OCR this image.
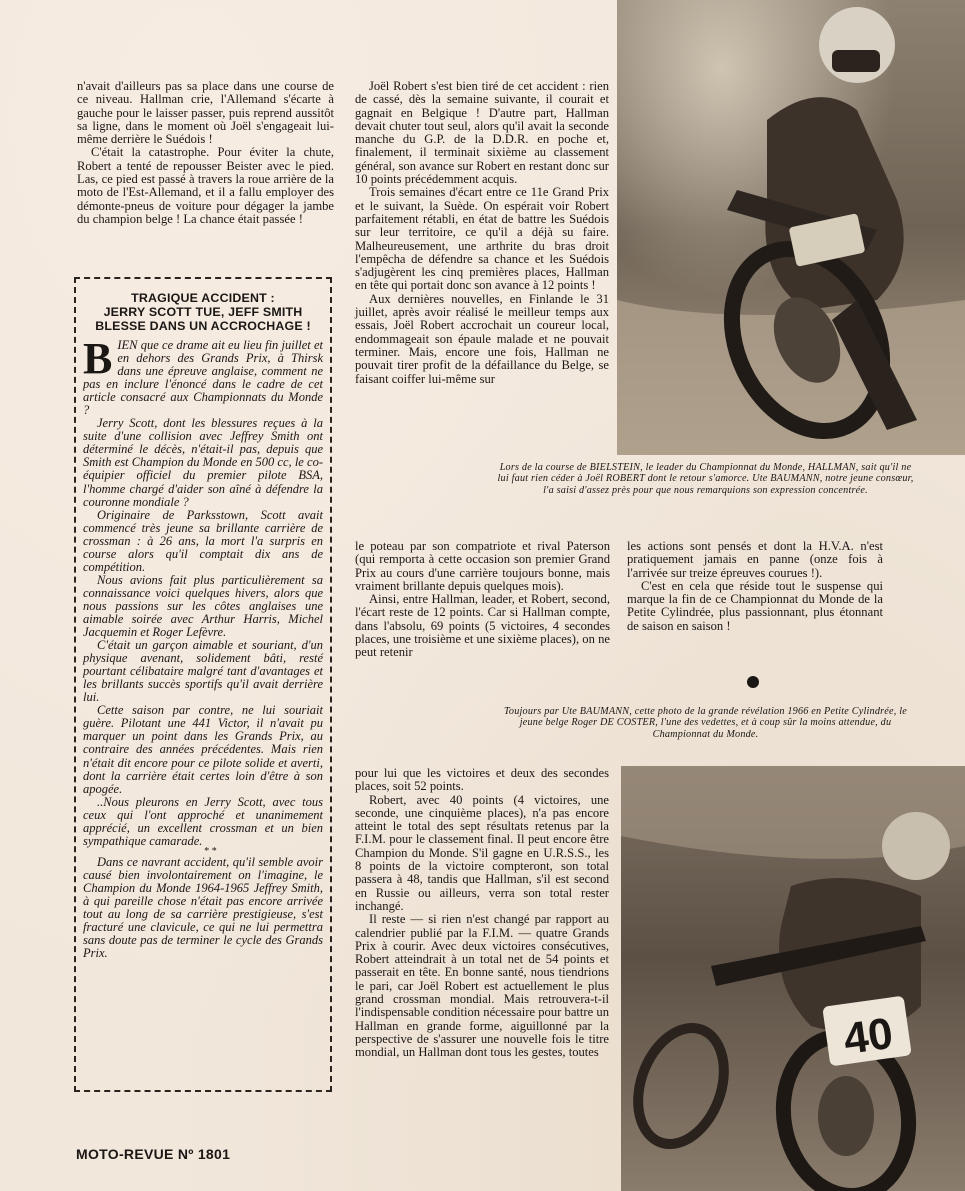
n'avait d'ailleurs pas sa place dans une course de ce niveau. Hallman crie, l'Allemand s'écarte à gauche pour le laisser passer, puis reprend aussitôt sa ligne, dans le moment où Joël s'engageait lui-même derrière le Suédois !

C'était la catastrophe. Pour éviter la chute, Robert a tenté de repousser Beister avec le pied. Las, ce pied est passé à travers la roue arrière de la moto de l'Est-Allemand, et il a fallu employer des démonte-pneus de voiture pour dégager la jambe du champion belge ! La chance était passée !

Joël Robert s'est bien tiré de cet accident : rien de cassé, dès la semaine suivante, il courait et gagnait en Belgique ! D'autre part, Hallman devait chuter tout seul, alors qu'il avait la seconde manche du G.P. de la D.D.R. en poche et, finalement, il terminait sixième au classement général, son avance sur Robert en restant donc sur 10 points précédemment acquis.

Trois semaines d'écart entre ce 11e Grand Prix et le suivant, la Suède. On espérait voir Robert parfaitement rétabli, en état de battre les Suédois sur leur territoire, ce qu'il a déjà su faire. Malheureusement, une arthrite du bras droit l'empêcha de défendre sa chance et les Suédois s'adjugèrent les cinq premières places, Hallman en tête qui portait donc son avance à 12 points !

Aux dernières nouvelles, en Finlande le 31 juillet, après avoir réalisé le meilleur temps aux essais, Joël Robert accrochait un coureur local, endommageait son épaule malade et ne pouvait terminer. Mais, encore une fois, Hallman ne pouvait tirer profit de la défaillance du Belge, se faisant coiffer lui-même sur

TRAGIQUE ACCIDENT :
JERRY SCOTT TUE, JEFF SMITH
BLESSE DANS UN ACCROCHAGE !

BIEN que ce drame ait eu lieu fin juillet et en dehors des Grands Prix, à Thirsk dans une épreuve anglaise, comment ne pas en inclure l'énoncé dans le cadre de cet article consacré aux Championnats du Monde ?

Jerry Scott, dont les blessures reçues à la suite d'une collision avec Jeffrey Smith ont déterminé le décès, n'était-il pas, depuis que Smith est Champion du Monde en 500 cc, le co-équipier officiel du premier pilote BSA, l'homme chargé d'aider son aîné à défendre la couronne mondiale ?

Originaire de Parksstown, Scott avait commencé très jeune sa brillante carrière de crossman : à 26 ans, la mort l'a surpris en course alors qu'il comptait dix ans de compétition.

Nous avions fait plus particulièrement sa connaissance voici quelques hivers, alors que nous passions sur les côtes anglaises une aimable soirée avec Arthur Harris, Michel Jacquemin et Roger Lefèvre.

C'était un garçon aimable et souriant, d'un physique avenant, solidement bâti, resté pourtant célibataire malgré tant d'avantages et les brillants succès sportifs qu'il avait derrière lui.

Cette saison par contre, ne lui souriait guère. Pilotant une 441 Victor, il n'avait pu marquer un point dans les Grands Prix, au contraire des années précédentes. Mais rien n'était dit encore pour ce pilote solide et averti, dont la carrière était certes loin d'être à son apogée.

..Nous pleurons en Jerry Scott, avec tous ceux qui l'ont approché et unanimement apprécié, un excellent crossman et un bien sympathique camarade.

* *

Dans ce navrant accident, qu'il semble avoir causé bien involontairement on l'imagine, le Champion du Monde 1964-1965 Jeffrey Smith, à qui pareille chose n'était pas encore arrivée tout au long de sa carrière prestigieuse, s'est fracturé une clavicule, ce qui ne lui permettra sans doute pas de terminer le cycle des Grands Prix.

Lors de la course de BIELSTEIN, le leader du Championnat du Monde, HALLMAN, sait qu'il ne lui faut rien céder à Joël ROBERT dont le retour s'amorce. Ute BAUMANN, notre jeune consœur, l'a saisi d'assez près pour que nous remarquions son expression concentrée.

le poteau par son compatriote et rival Paterson (qui remporta à cette occasion son premier Grand Prix au cours d'une carrière toujours bonne, mais vraiment brillante depuis quelques mois).

Ainsi, entre Hallman, leader, et Robert, second, l'écart reste de 12 points. Car si Hallman compte, dans l'absolu, 69 points (5 victoires, 4 secondes places, une troisième et une sixième places), on ne peut retenir

les actions sont pensés et dont la H.V.A. n'est pratiquement jamais en panne (onze fois à l'arrivée sur treize épreuves courues !).

C'est en cela que réside tout le suspense qui marque la fin de ce Championnat du Monde de la Petite Cylindrée, plus passionnant, plus étonnant de saison en saison !

Toujours par Ute BAUMANN, cette photo de la grande révélation 1966 en Petite Cylindrée, le jeune belge Roger DE COSTER, l'une des vedettes, et à coup sûr la moins attendue, du Championnat du Monde.

pour lui que les victoires et deux des secondes places, soit 52 points.

Robert, avec 40 points (4 victoires, une seconde, une cinquième places), n'a pas encore atteint le total des sept résultats retenus par la F.I.M. pour le classement final. Il peut encore être Champion du Monde. S'il gagne en U.R.S.S., les 8 points de la victoire compteront, son total passera à 48, tandis que Hallman, s'il est second en Russie ou ailleurs, verra son total rester inchangé.

Il reste — si rien n'est changé par rapport au calendrier publié par la F.I.M. — quatre Grands Prix à courir. Avec deux victoires consécutives, Robert atteindrait à un total net de 54 points et passerait en tête. En bonne santé, nous tiendrions le pari, car Joël Robert est actuellement le plus grand crossman mondial. Mais retrouvera-t-il l'indispensable condition nécessaire pour battre un Hallman en grande forme, aiguillonné par la perspective de s'assurer une nouvelle fois le titre mondial, un Hallman dont tous les gestes, toutes	40
MOTO-REVUE Nº 1801
